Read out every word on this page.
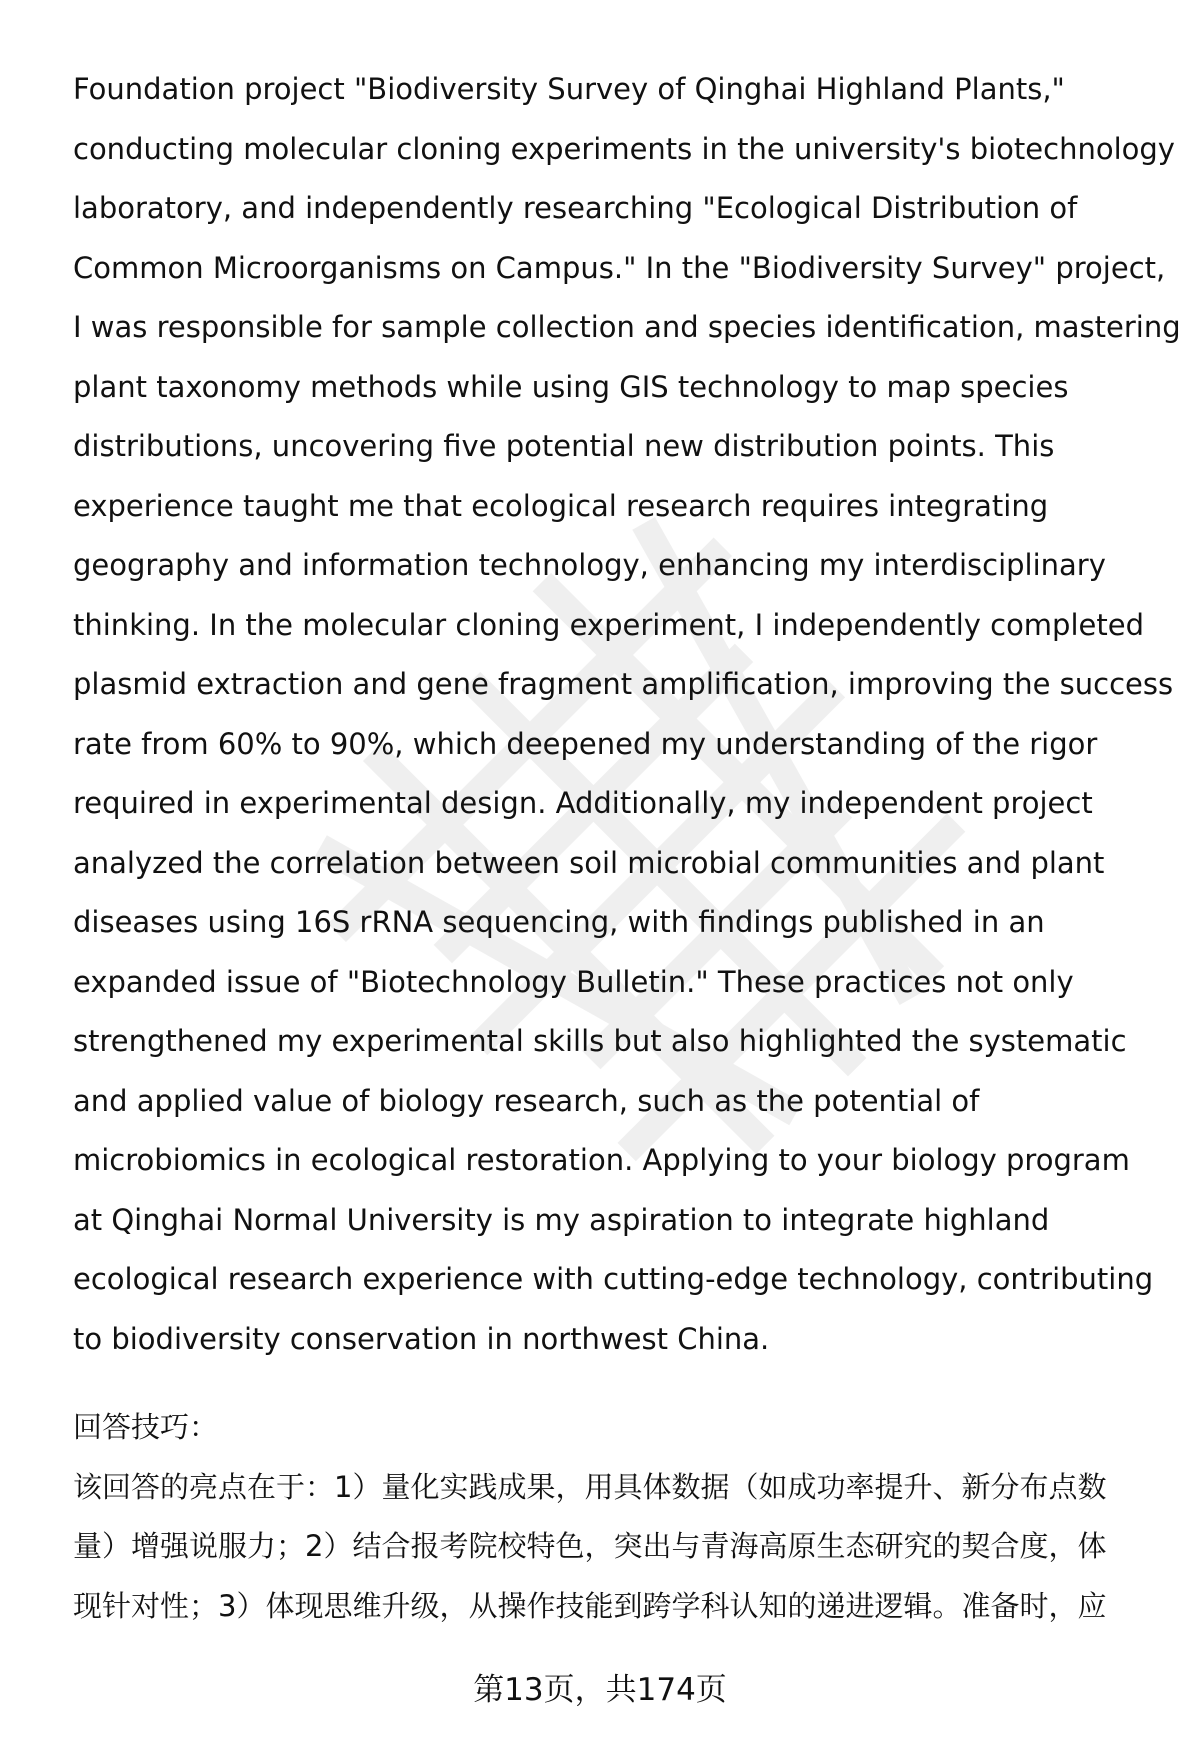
Foundation project "Biodiversity Survey of Qinghai Highland Plants,"
conducting molecular cloning experiments in the university's biotechnology
laboratory, and independently researching "Ecological Distribution of
Common Microorganisms on Campus." In the "Biodiversity Survey" project,
I was responsible for sample collection and species identification, mastering
plant taxonomy methods while using GIS technology to map species
distributions, uncovering five potential new distribution points. This
experience taught me that ecological research requires integrating
geography and information technology, enhancing my interdisciplinary
thinking. In the molecular cloning experiment, I independently completed
plasmid extraction and gene fragment amplification, improving the success
rate from 60% to 90%, which deepened my understanding of the rigor
required in experimental design. Additionally, my independent project
analyzed the correlation between soil microbial communities and plant
diseases using 16S rRNA sequencing, with findings published in an
expanded issue of "Biotechnology Bulletin." These practices not only
strengthened my experimental skills but also highlighted the systematic
and applied value of biology research, such as the potential of
microbiomics in ecological restoration. Applying to your biology program
at Qinghai Normal University is my aspiration to integrate highland
ecological research experience with cutting-edge technology, contributing
to biodiversity conservation in northwest China.
回答技巧：
该回答的亮点在于：1）量化实践成果，用具体数据（如成功率提升、新分布点数
量）增强说服力；2）结合报考院校特色，突出与青海高原生态研究的契合度，体
现针对性；3）体现思维升级，从操作技能到跨学科认知的递进逻辑。准备时，应
第13页，共174页
